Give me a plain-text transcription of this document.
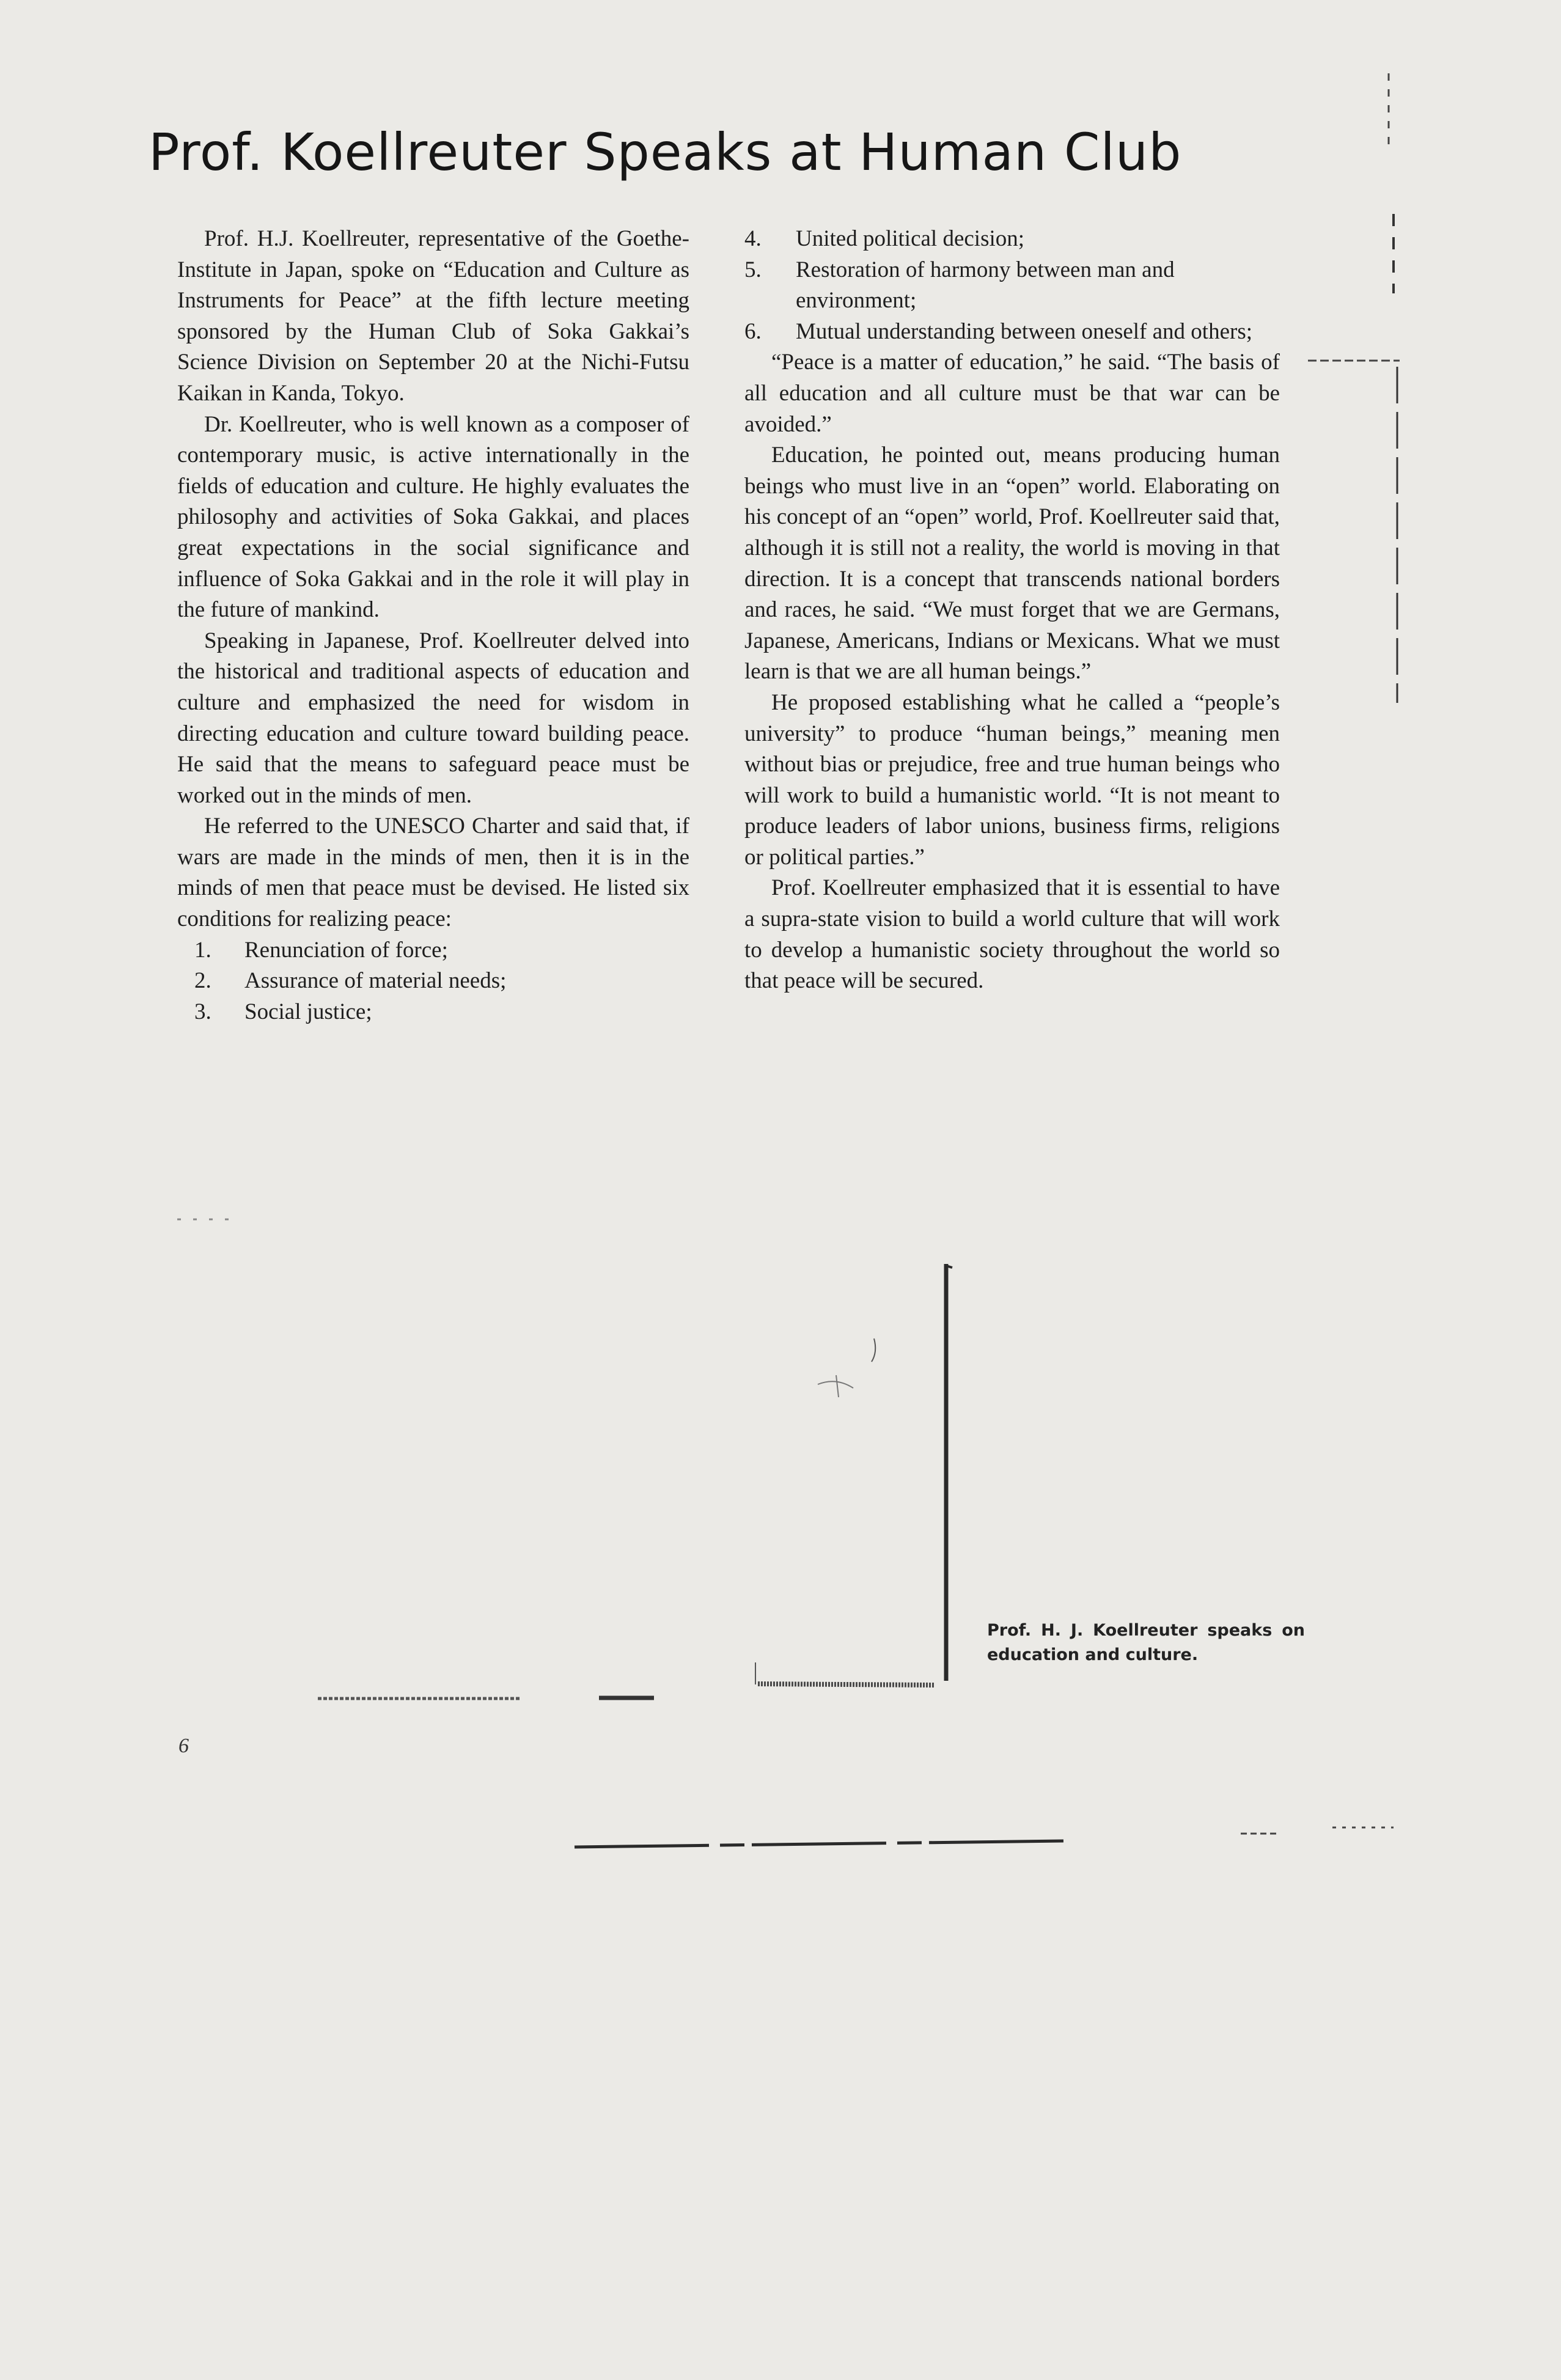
Prof. Koellreuter Speaks at Human Club

Prof. H.J. Koellreuter, representative of the Goethe-Institute in Japan, spoke on “Education and Culture as Instruments for Peace” at the fifth lecture meeting sponsored by the Human Club of Soka Gakkai’s Science Division on September 20 at the Nichi-Futsu Kaikan in Kanda, Tokyo.

Dr. Koellreuter, who is well known as a composer of contemporary music, is active internationally in the fields of education and culture. He highly evaluates the philosophy and activities of Soka Gakkai, and places great expectations in the social significance and influence of Soka Gakkai and in the role it will play in the future of mankind.

Speaking in Japanese, Prof. Koellreuter delved into the historical and traditional aspects of education and culture and emphasized the need for wisdom in directing education and culture toward building peace. He said that the means to safeguard peace must be worked out in the minds of men.

He referred to the UNESCO Charter and said that, if wars are made in the minds of men, then it is in the minds of men that peace must be devised. He listed six conditions for realizing peace:

1.	Renunciation of force;
2.	Assurance of material needs;
3.	Social justice;
4.	United political decision;
5.	Restoration of harmony between man and environment;
6.	Mutual understanding between oneself and others;

“Peace is a matter of education,” he said. “The basis of all education and all culture must be that war can be avoided.”

Education, he pointed out, means producing human beings who must live in an “open” world. Elaborating on his concept of an “open” world, Prof. Koellreuter said that, although it is still not a reality, the world is moving in that direction. It is a concept that transcends national borders and races, he said. “We must forget that we are Germans, Japanese, Americans, Indians or Mexicans. What we must learn is that we are all human beings.”

He proposed establishing what he called a “people’s university” to produce “human beings,” meaning men without bias or prejudice, free and true human beings who will work to build a humanistic world. “It is not meant to produce leaders of labor unions, business firms, religions or political parties.”

Prof. Koellreuter emphasized that it is essential to have a supra-state vision to build a world culture that will work to develop a humanistic society throughout the world so that peace will be secured.

Prof. H. J. Koellreuter speaks on education and culture.
6
